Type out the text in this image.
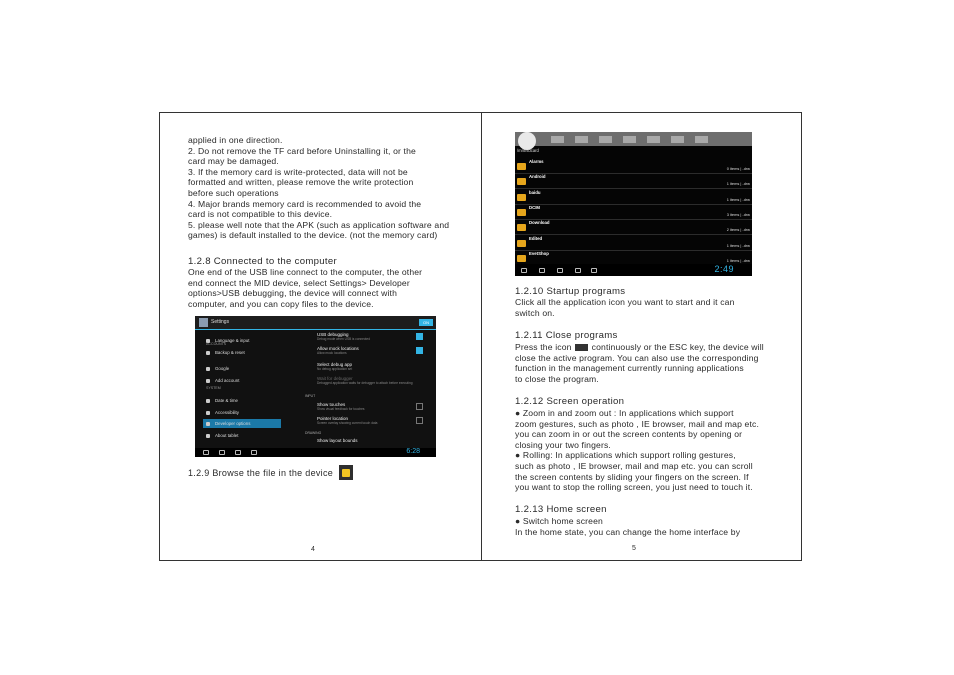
applied in one direction.

2. Do not remove the TF card before Uninstalling it, or the

card may be damaged.

3. If the memory card is write-protected, data will not be

formatted and written, please remove the write protection

before such operations

4. Major brands memory card is recommended to avoid the

card is not compatible to this device.

5. please well note that the APK (such as application software and

games) is default installed to the device. (not the memory card)

1.2.8 Connected to the computer

One end of the USB line connect to the computer, the other

end connect the MID device, select Settings> Developer

options>USB debugging, the device will connect with

computer, and you can copy files to the device.

Settings	ON
Language & input
Backup & reset
Google
Add account
Date & time
Accessibility
Developer options
About tablet
ACCOUNTS
SYSTEM
USB debugging
Debug mode when USB is connected
Allow mock locations
Allow mock locations
Select debug app
No debug application set
Wait for debugger
Debugged application waits for debugger to attach before executing
Show touches
Show visual feedback for touches
Pointer location
Screen overlay showing current touch data
Show layout bounds
INPUT
DRAWING
6:28
1.2.9 Browse the file in the device
4
/mnt/sdcard
Alarms
0 items | -drw
Android
1 items | -drw
baidu
1 items | -drw
DCIM
3 items | -drw
Download
2 items | -drw
Edited
1 items | -drw
EvetShop
1 items | -drw
2:49
1.2.10 Startup programs

Click all the application icon you want to start and it can

switch on.

1.2.11 Close programs

Press the icon continuously or the ESC key, the device will

close the active program. You can also use the corresponding

function in the management currently running applications

to close the program.

1.2.12 Screen operation

● Zoom in and zoom out : In applications which support

zoom gestures, such as photo , IE browser, mail and map etc.

you can zoom in or out the screen contents by opening or

closing your two fingers.

● Rolling: In applications which support rolling gestures,

such as photo , IE browser, mail and map etc. you can scroll

the screen contents by sliding your fingers on the screen. If

you want to stop the rolling screen, you just need to touch it.

1.2.13 Home screen

● Switch home screen

In the home state, you can change the home interface by

5
